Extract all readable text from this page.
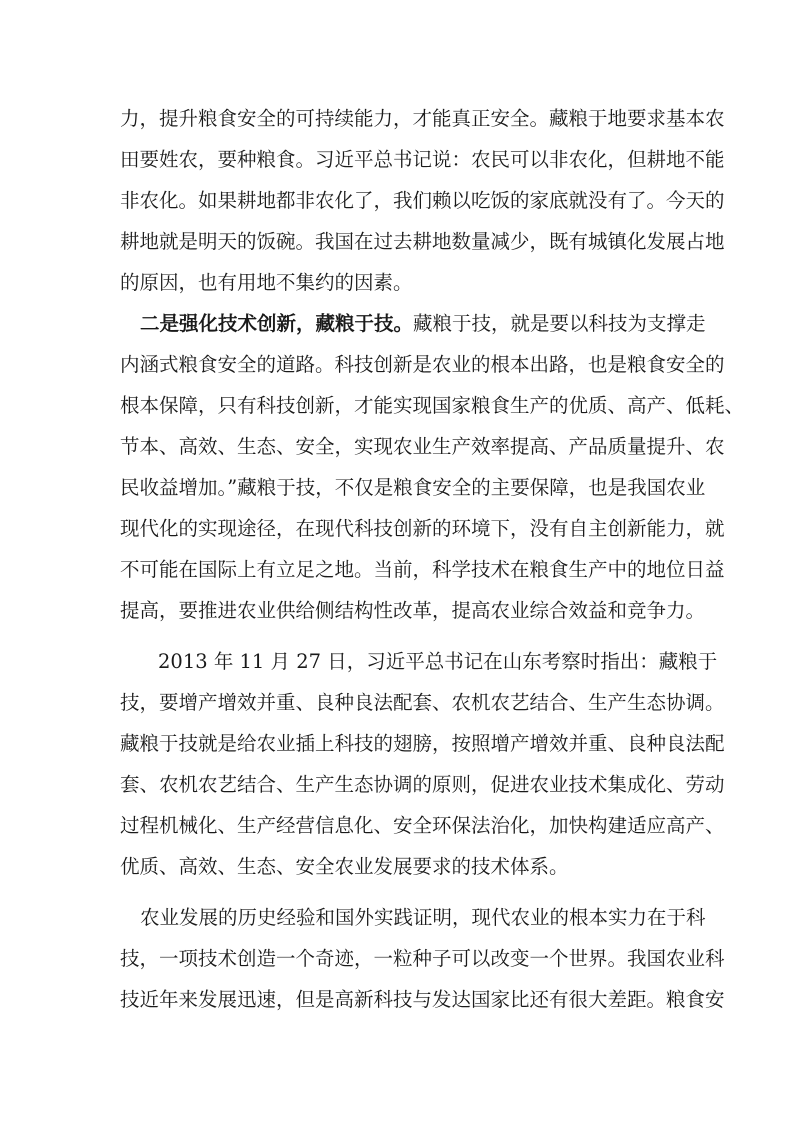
力，提升粮食安全的可持续能力，才能真正安全。藏粮于地要求基本农
田要姓农，要种粮食。习近平总书记说：农民可以非农化，但耕地不能
非农化。如果耕地都非农化了，我们赖以吃饭的家底就没有了。今天的
耕地就是明天的饭碗。我国在过去耕地数量减少，既有城镇化发展占地
的原因，也有用地不集约的因素。
二是强化技术创新，藏粮于技。藏粮于技，就是要以科技为支撑走
内涵式粮食安全的道路。科技创新是农业的根本出路，也是粮食安全的
根本保障，只有科技创新，才能实现国家粮食生产的优质、高产、低耗、
节本、高效、生态、安全，实现农业生产效率提高、产品质量提升、农
民收益增加。”藏粮于技，不仅是粮食安全的主要保障，也是我国农业
现代化的实现途径，在现代科技创新的环境下，没有自主创新能力，就
不可能在国际上有立足之地。当前，科学技术在粮食生产中的地位日益
提高，要推进农业供给侧结构性改革，提高农业综合效益和竞争力。
2013 年 11 月 27 日，习近平总书记在山东考察时指出：藏粮于
技，要增产增效并重、良种良法配套、农机农艺结合、生产生态协调。
藏粮于技就是给农业插上科技的翅膀，按照增产增效并重、良种良法配
套、农机农艺结合、生产生态协调的原则，促进农业技术集成化、劳动
过程机械化、生产经营信息化、安全环保法治化，加快构建适应高产、
优质、高效、生态、安全农业发展要求的技术体系。
农业发展的历史经验和国外实践证明，现代农业的根本实力在于科
技，一项技术创造一个奇迹，一粒种子可以改变一个世界。我国农业科
技近年来发展迅速，但是高新科技与发达国家比还有很大差距。粮食安
